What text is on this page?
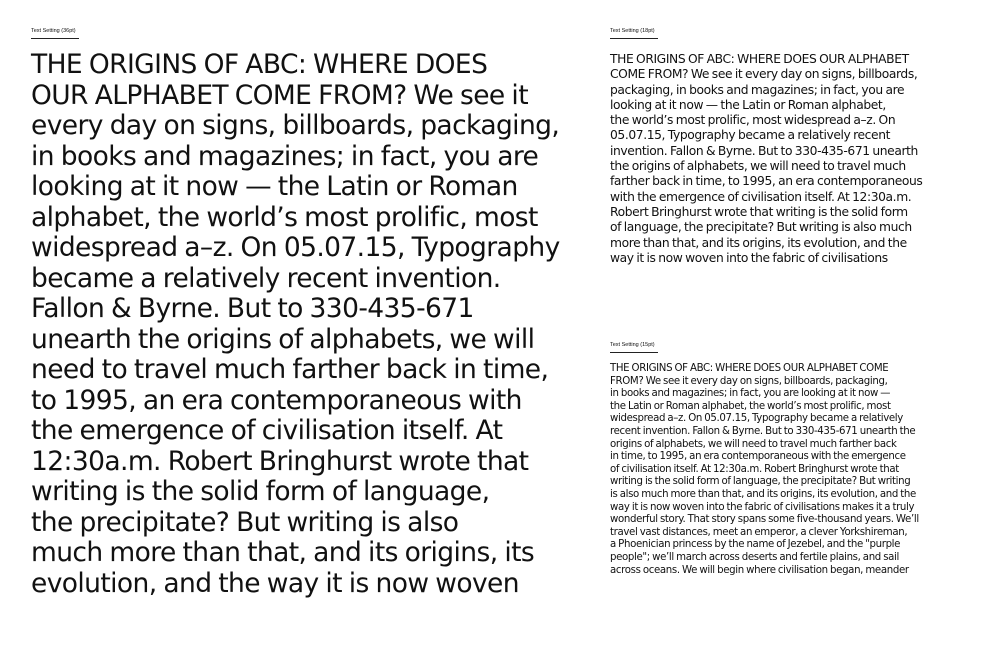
Text Setting (36pt)
THE ORIGINS OF ABC: WHERE DOES
OUR ALPHABET COME FROM? We see it
every day on signs, billboards, packaging,
in books and magazines; in fact, you are
looking at it now — the Latin or Roman
alphabet, the world’s most prolific, most
widespread a–z. On 05.07.15, Typography
became a relatively recent invention.
Fallon & Byrne. But to 330-435-671
unearth the origins of alphabets, we will
need to travel much farther back in time,
to 1995, an era contemporaneous with
the emergence of civilisation itself. At
12:30a.m. Robert Bringhurst wrote that
writing is the solid form of language,
the precipitate? But writing is also
much more than that, and its origins, its
evolution, and the way it is now woven
Text Setting (18pt)
THE ORIGINS OF ABC: WHERE DOES OUR ALPHABET
COME FROM? We see it every day on signs, billboards,
packaging, in books and magazines; in fact, you are
looking at it now — the Latin or Roman alphabet,
the world’s most prolific, most widespread a–z. On
05.07.15, Typography became a relatively recent
invention. Fallon & Byrne. But to 330-435-671 unearth
the origins of alphabets, we will need to travel much
farther back in time, to 1995, an era contemporaneous
with the emergence of civilisation itself. At 12:30a.m.
Robert Bringhurst wrote that writing is the solid form
of language, the precipitate? But writing is also much
more than that, and its origins, its evolution, and the
way it is now woven into the fabric of civilisations
Text Setting (15pt)
THE ORIGINS OF ABC: WHERE DOES OUR ALPHABET COME
FROM? We see it every day on signs, billboards, packaging,
in books and magazines; in fact, you are looking at it now —
the Latin or Roman alphabet, the world’s most prolific, most
widespread a–z. On 05.07.15, Typography became a relatively
recent invention. Fallon & Byrne. But to 330-435-671 unearth the
origins of alphabets, we will need to travel much farther back
in time, to 1995, an era contemporaneous with the emergence
of civilisation itself. At 12:30a.m. Robert Bringhurst wrote that
writing is the solid form of language, the precipitate? But writing
is also much more than that, and its origins, its evolution, and the
way it is now woven into the fabric of civilisations makes it a truly
wonderful story. That story spans some five-thousand years. We’ll
travel vast distances, meet an emperor, a clever Yorkshireman,
a Phoenician princess by the name of Jezebel, and the "purple
people"; we’ll march across deserts and fertile plains, and sail
across oceans. We will begin where civilisation began, meander
